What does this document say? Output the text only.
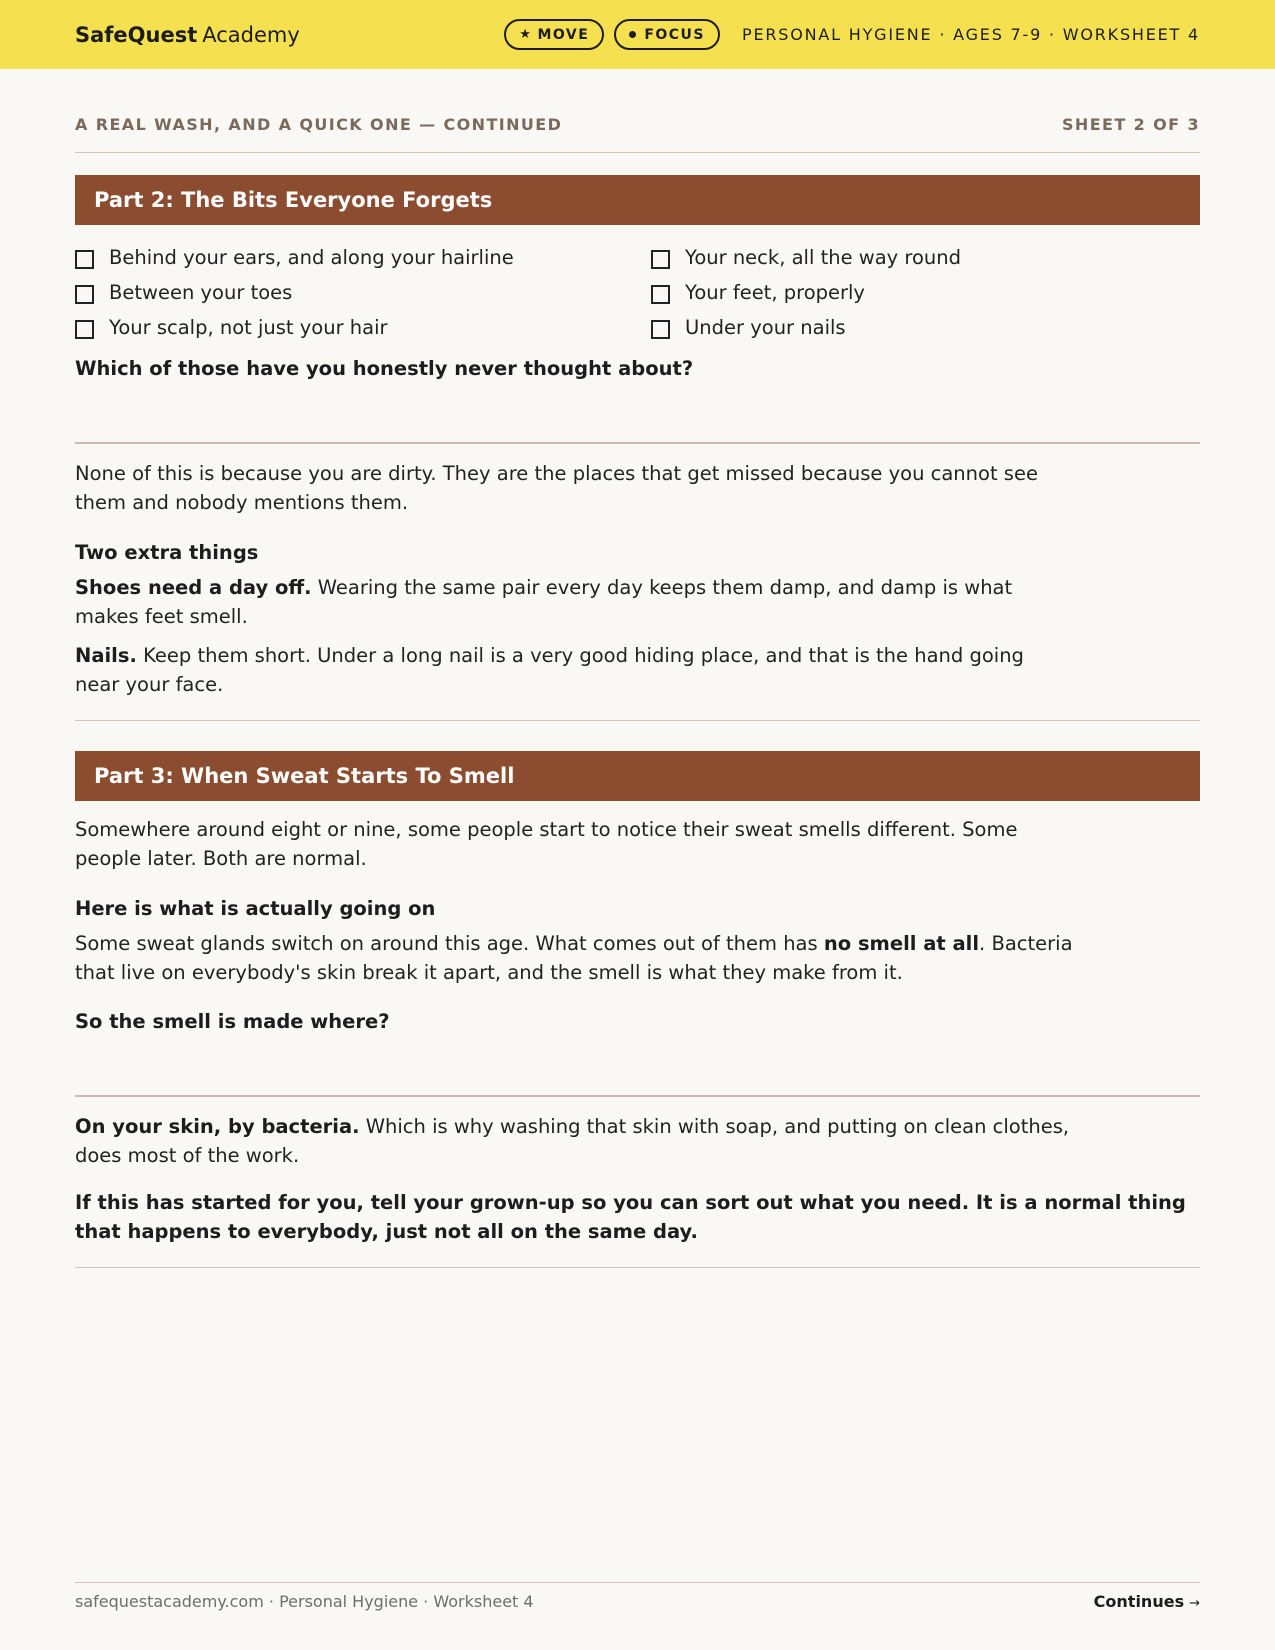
SafeQuest Academy	★ MOVE	FOCUS PERSONAL HYGIENE · AGES 7-9 · WORKSHEET 4
A REAL WASH, AND A QUICK ONE — CONTINUED	SHEET 2 OF 3
Part 2: The Bits Everyone Forgets
Behind your ears, and along your hairline	Your neck, all the way round
Between your toes	Your feet, properly
Your scalp, not just your hair	Under your nails
Which of those have you honestly never thought about?
None of this is because you are dirty. They are the places that get missed because you cannot see them and nobody mentions them.
Two extra things
Shoes need a day off. Wearing the same pair every day keeps them damp, and damp is what makes feet smell.
Nails. Keep them short. Under a long nail is a very good hiding place, and that is the hand going near your face.
Part 3: When Sweat Starts To Smell
Somewhere around eight or nine, some people start to notice their sweat smells different. Some people later. Both are normal.
Here is what is actually going on
Some sweat glands switch on around this age. What comes out of them has no smell at all. Bacteria that live on everybody's skin break it apart, and the smell is what they make from it.
So the smell is made where?
On your skin, by bacteria. Which is why washing that skin with soap, and putting on clean clothes, does most of the work.
If this has started for you, tell your grown-up so you can sort out what you need. It is a normal thing that happens to everybody, just not all on the same day.
safequestacademy.com · Personal Hygiene · Worksheet 4	Continues →
